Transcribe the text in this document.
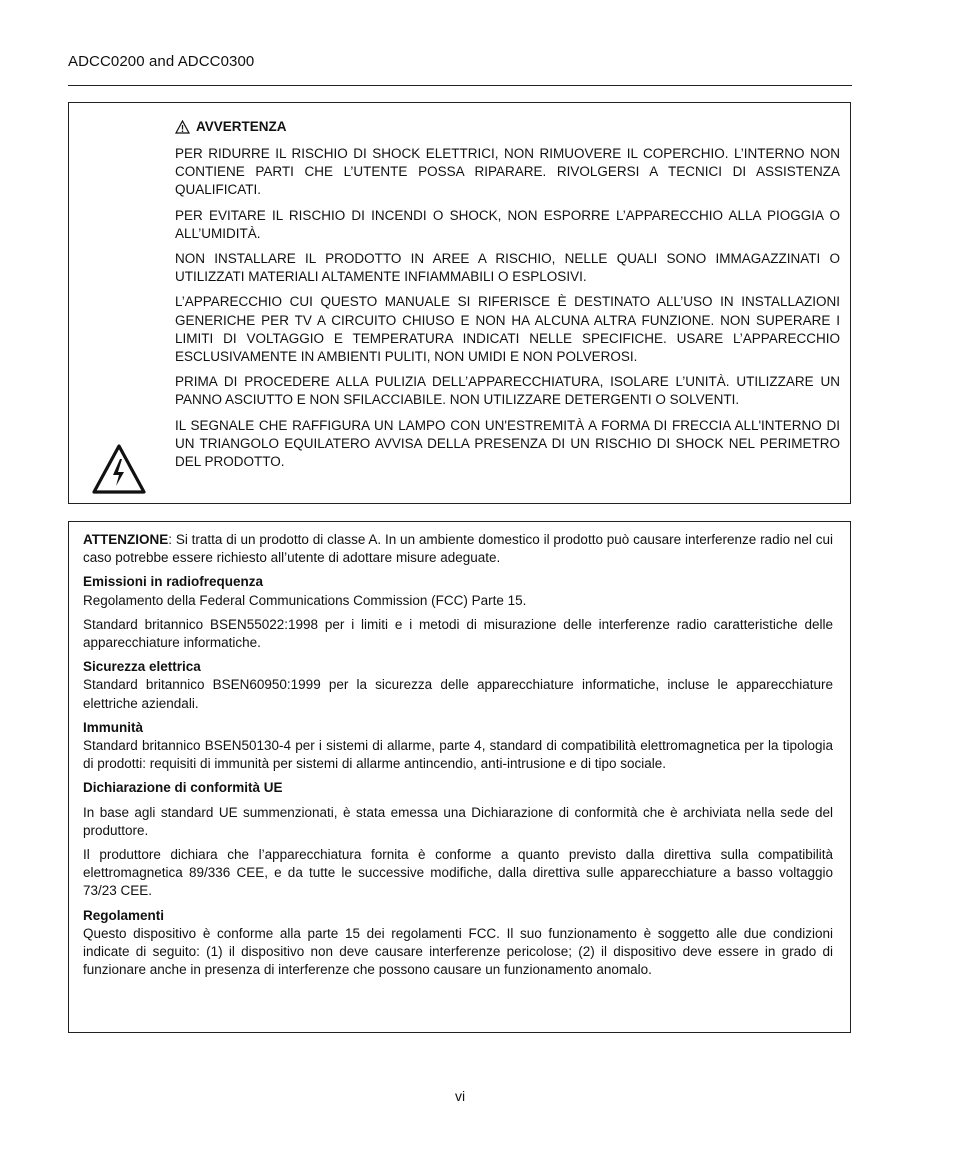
ADCC0200 and ADCC0300
AVVERTENZA

PER RIDURRE IL RISCHIO DI SHOCK ELETTRICI, NON RIMUOVERE IL COPERCHIO. L’INTERNO NON CONTIENE PARTI CHE L’UTENTE POSSA RIPARARE. RIVOLGERSI A TECNICI DI ASSISTENZA QUALIFICATI.

PER EVITARE IL RISCHIO DI INCENDI O SHOCK, NON ESPORRE L’APPARECCHIO ALLA PIOGGIA O ALL’UMIDITÀ.

NON INSTALLARE IL PRODOTTO IN AREE A RISCHIO, NELLE QUALI SONO IMMAGAZZINATI O UTILIZZATI MATERIALI ALTAMENTE INFIAMMABILI O ESPLOSIVI.

L’APPARECCHIO CUI QUESTO MANUALE SI RIFERISCE È DESTINATO ALL’USO IN INSTALLAZIONI GENERICHE PER TV A CIRCUITO CHIUSO E NON HA ALCUNA ALTRA FUNZIONE. NON SUPERARE I LIMITI DI VOLTAGGIO E TEMPERATURA INDICATI NELLE SPECIFICHE. USARE L’APPARECCHIO ESCLUSIVAMENTE IN AMBIENTI PULITI, NON UMIDI E NON POLVEROSI.

PRIMA DI PROCEDERE ALLA PULIZIA DELL’APPARECCHIATURA, ISOLARE L’UNITÀ. UTILIZZARE UN PANNO ASCIUTTO E NON SFILACCIABILE. NON UTILIZZARE DETERGENTI O SOLVENTI.

IL SEGNALE CHE RAFFIGURA UN LAMPO CON UN'ESTREMITÀ A FORMA DI FRECCIA ALL'INTERNO DI UN TRIANGOLO EQUILATERO AVVISA DELLA PRESENZA DI UN RISCHIO DI SHOCK NEL PERIMETRO DEL PRODOTTO.

ATTENZIONE: Si tratta di un prodotto di classe A. In un ambiente domestico il prodotto può causare interferenze radio nel cui caso potrebbe essere richiesto all’utente di adottare misure adeguate.

Emissioni in radiofrequenza
Regolamento della Federal Communications Commission (FCC) Parte 15.

Standard britannico BSEN55022:1998 per i limiti e i metodi di misurazione delle interferenze radio caratteristiche delle apparecchiature informatiche.

Sicurezza elettrica
Standard britannico BSEN60950:1999 per la sicurezza delle apparecchiature informatiche, incluse le apparecchiature elettriche aziendali.

Immunità
Standard britannico BSEN50130-4 per i sistemi di allarme, parte 4, standard di compatibilità elettromagnetica per la tipologia di prodotti: requisiti di immunità per sistemi di allarme antincendio, anti-intrusione e di tipo sociale.

Dichiarazione di conformità UE

In base agli standard UE summenzionati, è stata emessa una Dichiarazione di conformità che è archiviata nella sede del produttore.

Il produttore dichiara che l’apparecchiatura fornita è conforme a quanto previsto dalla direttiva sulla compatibilità elettromagnetica 89/336 CEE, e da tutte le successive modifiche, dalla direttiva sulle apparecchiature a basso voltaggio 73/23 CEE.

Regolamenti
Questo dispositivo è conforme alla parte 15 dei regolamenti FCC. Il suo funzionamento è soggetto alle due condizioni indicate di seguito: (1) il dispositivo non deve causare interferenze pericolose; (2) il dispositivo deve essere in grado di funzionare anche in presenza di interferenze che possono causare un funzionamento anomalo.

vi
